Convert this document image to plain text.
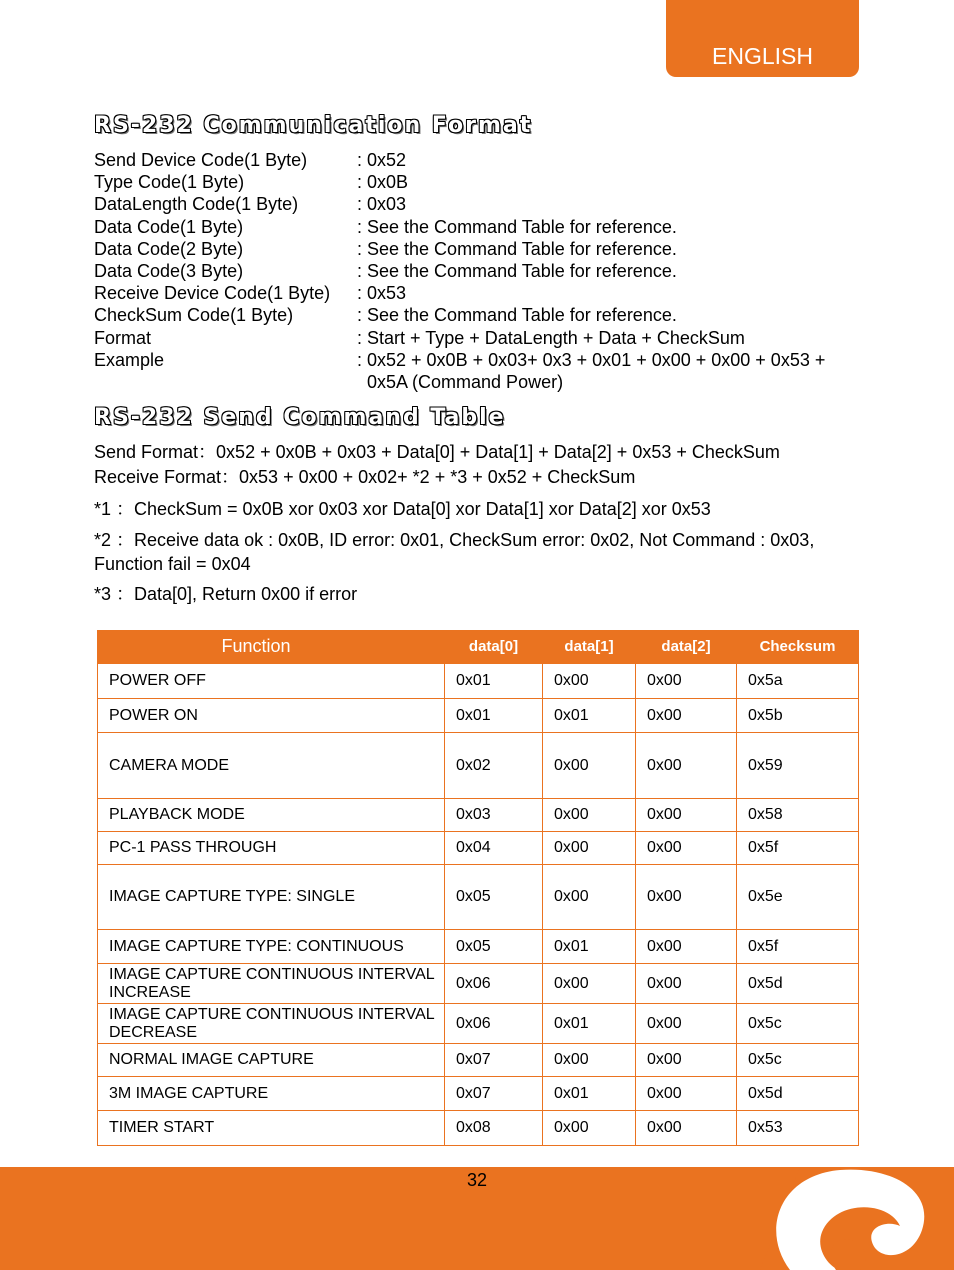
ENGLISH
RS-232 Communication Format
Send Device Code(1 Byte)	: 0x52
Type Code(1 Byte)	: 0x0B
DataLength Code(1 Byte)	: 0x03
Data Code(1 Byte)	: See the Command Table for reference.
Data Code(2 Byte)	: See the Command Table for reference.
Data Code(3 Byte)	: See the Command Table for reference.
Receive Device Code(1 Byte)	: 0x53
CheckSum Code(1 Byte)	: See the Command Table for reference.
Format	: Start + Type + DataLength + Data + CheckSum
Example	: 0x52 + 0x0B + 0x03+ 0x3 + 0x01 + 0x00 + 0x00 + 0x53 +
0x5A (Command Power)
RS-232 Send Command Table
Send Format：0x52 + 0x0B + 0x03 + Data[0] + Data[1] + Data[2] + 0x53 + CheckSum
Receive Format：0x53 + 0x00 + 0x02+ *2 + *3 + 0x52 + CheckSum
*1 ：CheckSum = 0x0B xor 0x03 xor Data[0] xor Data[1] xor Data[2] xor 0x53
*2 ：Receive data ok : 0x0B, ID error: 0x01, CheckSum error: 0x02, Not Command : 0x03, Function fail = 0x04
*3 ：Data[0], Return 0x00 if error
Function	data[0]	data[1]	data[2]	Checksum
POWER OFF	0x01	0x00	0x00	0x5a
POWER ON	0x01	0x01	0x00	0x5b
CAMERA MODE	0x02	0x00	0x00	0x59
PLAYBACK MODE	0x03	0x00	0x00	0x58
PC-1 PASS THROUGH	0x04	0x00	0x00	0x5f
IMAGE CAPTURE TYPE: SINGLE	0x05	0x00	0x00	0x5e
IMAGE CAPTURE TYPE: CONTINUOUS	0x05	0x01	0x00	0x5f
IMAGE CAPTURE CONTINUOUS INTERVAL INCREASE	0x06	0x00	0x00	0x5d
IMAGE CAPTURE CONTINUOUS INTERVAL DECREASE	0x06	0x01	0x00	0x5c
NORMAL IMAGE CAPTURE	0x07	0x00	0x00	0x5c
3M IMAGE CAPTURE	0x07	0x01	0x00	0x5d
TIMER START	0x08	0x00	0x00	0x53
32
